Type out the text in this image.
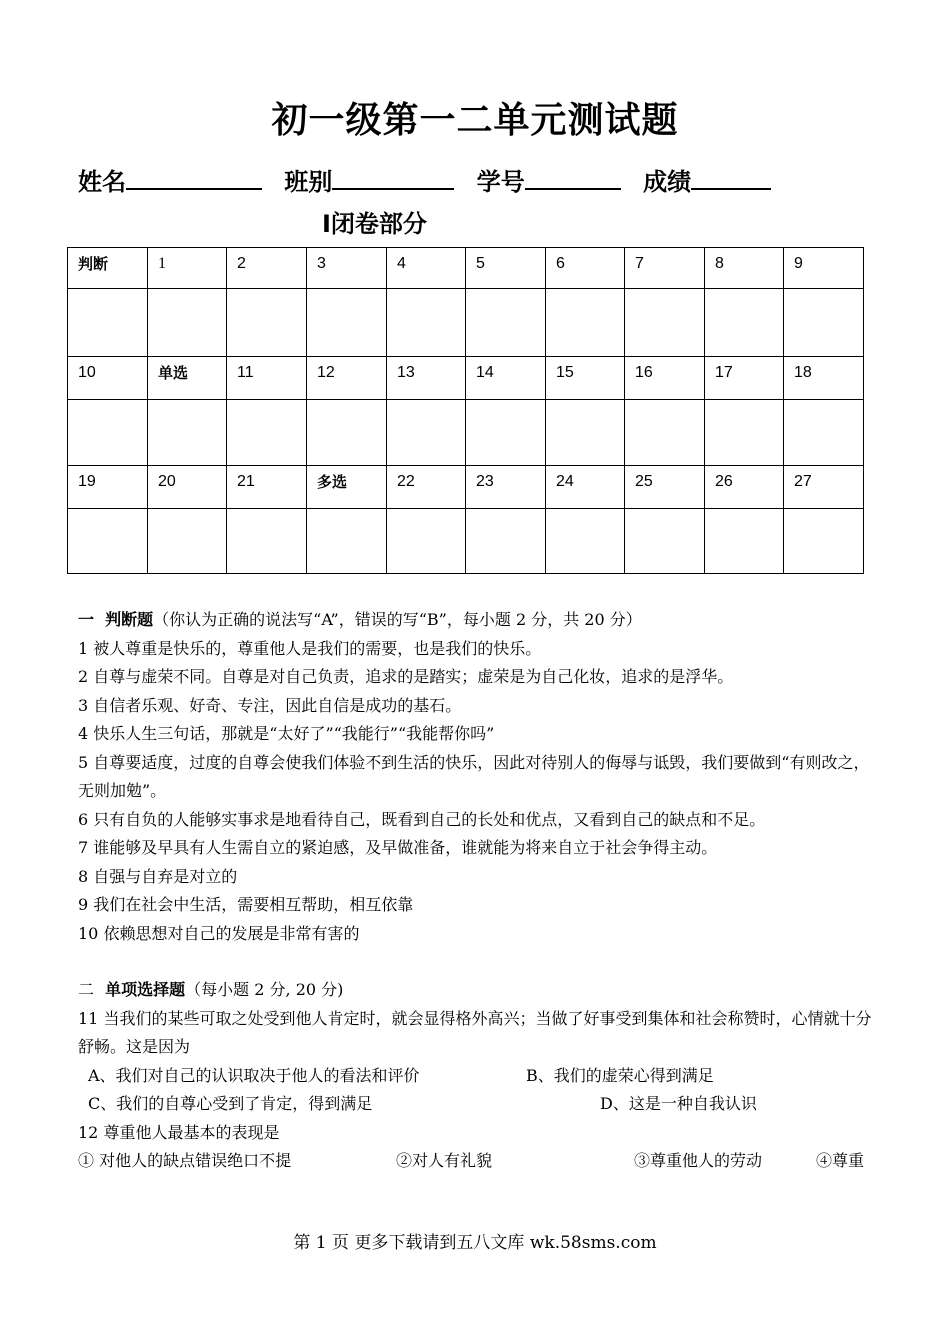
初一级第一二单元测试题
姓名	班别	学号	成绩
Ⅰ闭卷部分
判断	1	2	3	4	5	6	7	8	9

10	单选	11	12	13	14	15	16	17	18

19	20	21	多选	22	23	24	25	26	27

一 判断题（你认为正确的说法写“A”，错误的写“B”，每小题 2 分，共 20 分）

1 被人尊重是快乐的，尊重他人是我们的需要，也是我们的快乐。

2 自尊与虚荣不同。自尊是对自己负责，追求的是踏实；虚荣是为自己化妆，追求的是浮华。

3 自信者乐观、好奇、专注，因此自信是成功的基石。

4 快乐人生三句话，那就是“太好了”“我能行”“我能帮你吗”

5 自尊要适度，过度的自尊会使我们体验不到生活的快乐，因此对待别人的侮辱与诋毁，我们要做到“有则改之，无则加勉”。

6 只有自负的人能够实事求是地看待自己，既看到自己的长处和优点，又看到自己的缺点和不足。

7 谁能够及早具有人生需自立的紧迫感，及早做准备，谁就能为将来自立于社会争得主动。

8 自强与自弃是对立的

9 我们在社会中生活，需要相互帮助，相互依靠

10 依赖思想对自己的发展是非常有害的

二 单项选择题（每小题 2 分, 20 分)

11 当我们的某些可取之处受到他人肯定时，就会显得格外高兴；当做了好事受到集体和社会称赞时，心情就十分舒畅。这是因为

A、我们对自己的认识取决于他人的看法和评价	B、我们的虚荣心得到满足
C、我们的自尊心受到了肯定，得到满足	D、这是一种自我认识

12 尊重他人最基本的表现是

① 对他人的缺点错误绝口不提	②对人有礼貌	③尊重他人的劳动	④尊重
第 1 页 更多下载请到五八文库 wk.58sms.com
